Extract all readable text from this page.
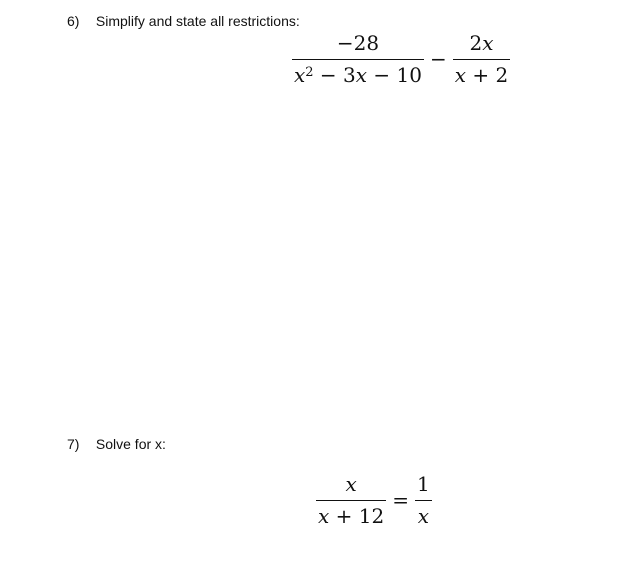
6) Simplify and state all restrictions:
$\frac{-28}{x^2 - 3x - 10} - \frac{2x}{x + 2}$
7) Solve for x:
$\frac{x}{x + 12} = \frac{1}{x}$
